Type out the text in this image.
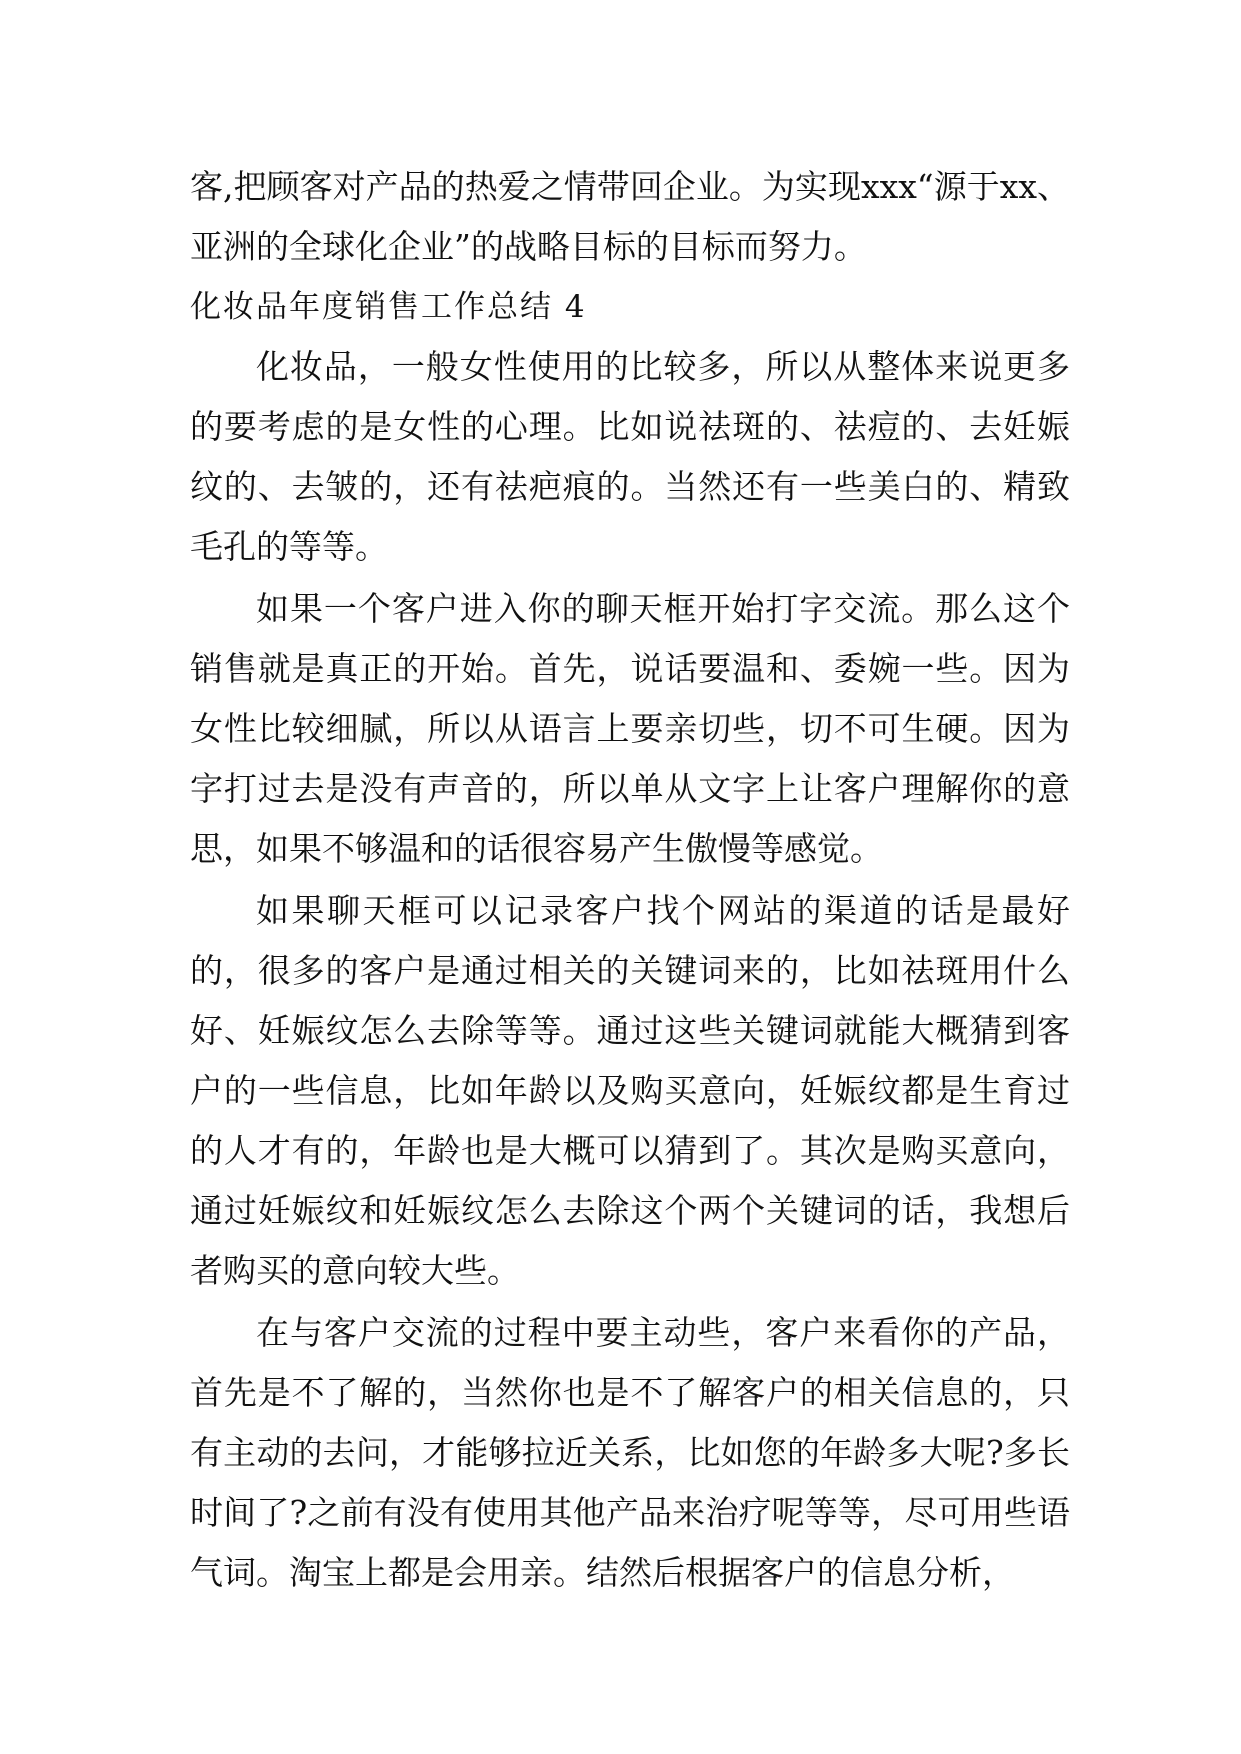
客,把顾客对产品的热爱之情带回企业。为实现xxx“源于xx、亚洲的全球化企业”的战略目标的目标而努力。

化妆品年度销售工作总结 4

化妆品，一般女性使用的比较多，所以从整体来说更多的要考虑的是女性的心理。比如说祛斑的、祛痘的、去妊娠纹的、去皱的，还有祛疤痕的。当然还有一些美白的、精致毛孔的等等。

如果一个客户进入你的聊天框开始打字交流。那么这个销售就是真正的开始。首先，说话要温和、委婉一些。因为女性比较细腻，所以从语言上要亲切些，切不可生硬。因为字打过去是没有声音的，所以单从文字上让客户理解你的意思，如果不够温和的话很容易产生傲慢等感觉。

如果聊天框可以记录客户找个网站的渠道的话是最好的，很多的客户是通过相关的关键词来的，比如祛斑用什么好、妊娠纹怎么去除等等。通过这些关键词就能大概猜到客户的一些信息，比如年龄以及购买意向，妊娠纹都是生育过的人才有的，年龄也是大概可以猜到了。其次是购买意向，通过妊娠纹和妊娠纹怎么去除这个两个关键词的话，我想后者购买的意向较大些。

在与客户交流的过程中要主动些，客户来看你的产品，首先是不了解的，当然你也是不了解客户的相关信息的，只有主动的去问，才能够拉近关系，比如您的年龄多大呢?多长时间了?之前有没有使用其他产品来治疗呢等等，尽可用些语气词。淘宝上都是会用亲。结然后根据客户的信息分析，
